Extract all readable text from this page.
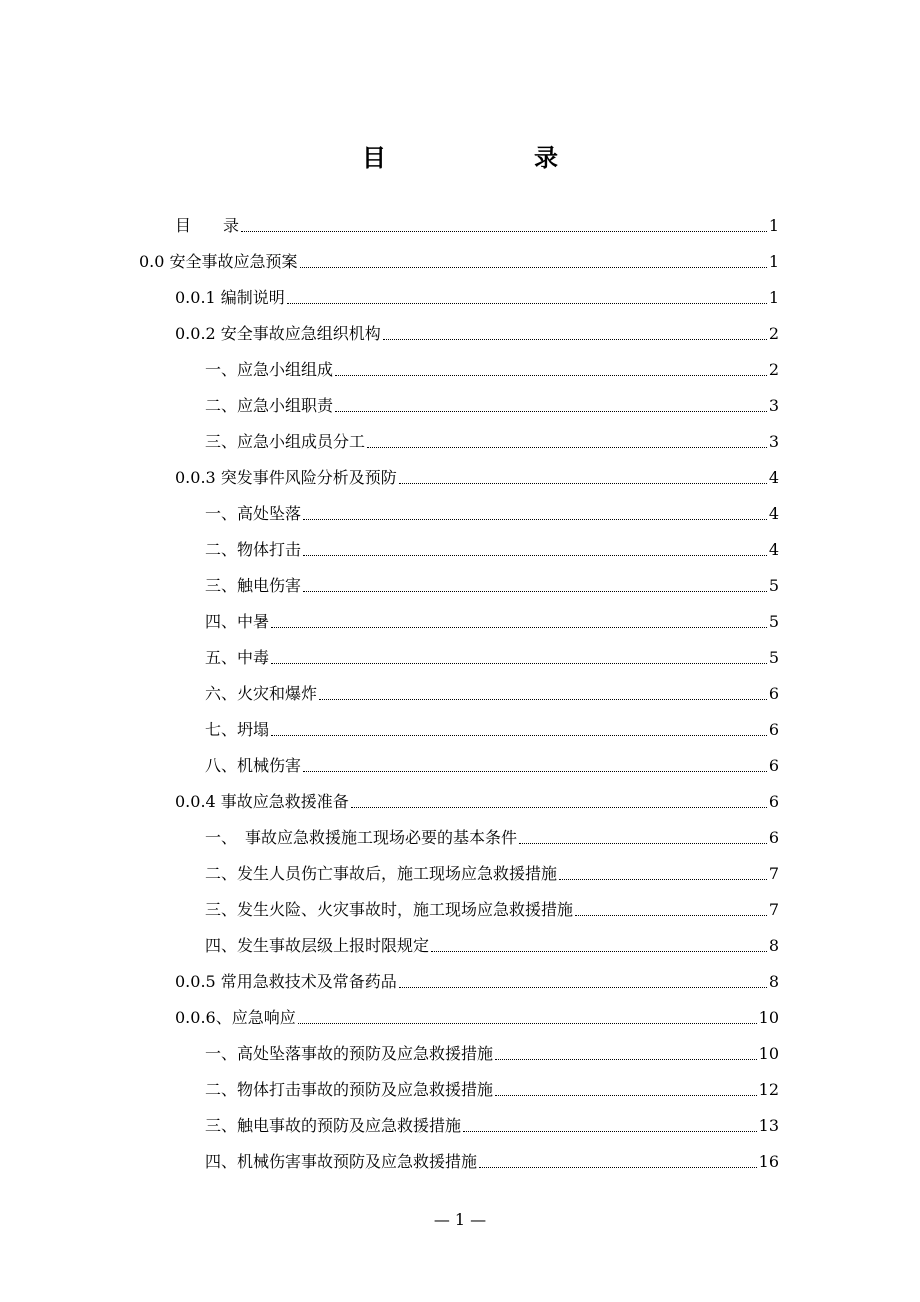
目　录
目　　录	1
0.0 安全事故应急预案	1
0.0.1 编制说明	1
0.0.2 安全事故应急组织机构	2
一、应急小组组成	2
二、应急小组职责	3
三、应急小组成员分工	3
0.0.3 突发事件风险分析及预防	4
一、高处坠落	4
二、物体打击	4
三、触电伤害	5
四、中暑	5
五、中毒	5
六、火灾和爆炸	6
七、坍塌	6
八、机械伤害	6
0.0.4 事故应急救援准备	6
一、　事故应急救援施工现场必要的基本条件	6
二、发生人员伤亡事故后，施工现场应急救援措施	7
三、发生火险、火灾事故时，施工现场应急救援措施	7
四、发生事故层级上报时限规定	8
0.0.5 常用急救技术及常备药品	8
0.0.6、应急响应	10
一、高处坠落事故的预防及应急救援措施	10
二、物体打击事故的预防及应急救援措施	12
三、触电事故的预防及应急救援措施	13
四、机械伤害事故预防及应急救援措施	16
— 1 —
